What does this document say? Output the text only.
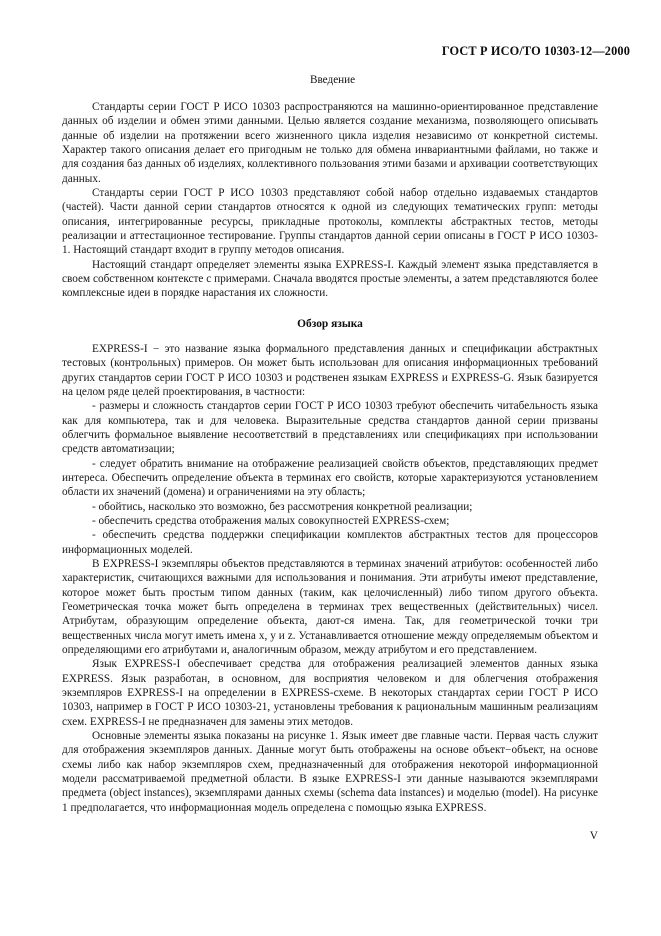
ГОСТ Р ИСО/ТО 10303-12—2000
Введение

Стандарты серии ГОСТ Р ИСО 10303 распространяются на машинно-ориентированное представление данных об изделии и обмен этими данными. Целью является создание механизма, позволяющего описывать данные об изделии на протяжении всего жизненного цикла изделия независимо от конкретной системы. Характер такого описания делает его пригодным не только для обмена инвариантными файлами, но также и для создания баз данных об изделиях, коллективного пользования этими базами и архивации соответствующих данных.

Стандарты серии ГОСТ Р ИСО 10303 представляют собой набор отдельно издаваемых стандартов (частей). Части данной серии стандартов относятся к одной из следующих тематических групп: методы описания, интегрированные ресурсы, прикладные протоколы, комплекты абстрактных тестов, методы реализации и аттестационное тестирование. Группы стандартов данной серии описаны в ГОСТ Р ИСО 10303-1. Настоящий стандарт входит в группу методов описания.

Настоящий стандарт определяет элементы языка EXPRESS-I. Каждый элемент языка представляется в своем собственном контексте с примерами. Сначала вводятся простые элементы, а затем представляются более комплексные идеи в порядке нарастания их сложности.

Обзор языка

EXPRESS-I − это название языка формального представления данных и спецификации абстрактных тестовых (контрольных) примеров. Он может быть использован для описания информационных требований других стандартов серии ГОСТ Р ИСО 10303 и родственен языкам EXPRESS и EXPRESS-G. Язык базируется на целом ряде целей проектирования, в частности:

- размеры и сложность стандартов серии ГОСТ Р ИСО 10303 требуют обеспечить читабельность языка как для компьютера, так и для человека. Выразительные средства стандартов данной серии призваны облегчить формальное выявление несоответствий в представлениях или спецификациях при использовании средств автоматизации;

- следует обратить внимание на отображение реализацией свойств объектов, представляющих предмет интереса. Обеспечить определение объекта в терминах его свойств, которые характеризуются установлением области их значений (домена) и ограничениями на эту область;

- обойтись, насколько это возможно, без рассмотрения конкретной реализации;

- обеспечить средства отображения малых совокупностей EXPRESS-схем;

- обеспечить средства поддержки спецификации комплектов абстрактных тестов для процессоров информационных моделей.

В EXPRESS-I экземпляры объектов представляются в терминах значений атрибутов: особенностей либо характеристик, считающихся важными для использования и понимания. Эти атрибуты имеют представление, которое может быть простым типом данных (таким, как целочисленный) либо типом другого объекта. Геометрическая точка может быть определена в терминах трех вещественных (действительных) чисел. Атрибутам, образующим определение объекта, дают-ся имена. Так, для геометрической точки три вещественных числа могут иметь имена x, y и z. Устанавливается отношение между определяемым объектом и определяющими его атрибутами и, аналогичным образом, между атрибутом и его представлением.

Язык EXPRESS-I обеспечивает средства для отображения реализацией элементов данных языка EXPRESS. Язык разработан, в основном, для восприятия человеком и для облегчения отображения экземпляров EXPRESS-I на определении в EXPRESS-схеме. В некоторых стандартах серии ГОСТ Р ИСО 10303, например в ГОСТ Р ИСО 10303-21, установлены требования к рациональным машинным реализациям схем. EXPRESS-I не предназначен для замены этих методов.

Основные элементы языка показаны на рисунке 1. Язык имеет две главные части. Первая часть служит для отображения экземпляров данных. Данные могут быть отображены на основе объект−объект, на основе схемы либо как набор экземпляров схем, предназначенный для отображения некоторой информационной модели рассматриваемой предметной области. В языке EXPRESS-I эти данные называются экземплярами предмета (object instances), экземплярами данных схемы (schema data instances) и моделью (model). На рисунке 1 предполагается, что информационная модель определена с помощью языка EXPRESS.

V
